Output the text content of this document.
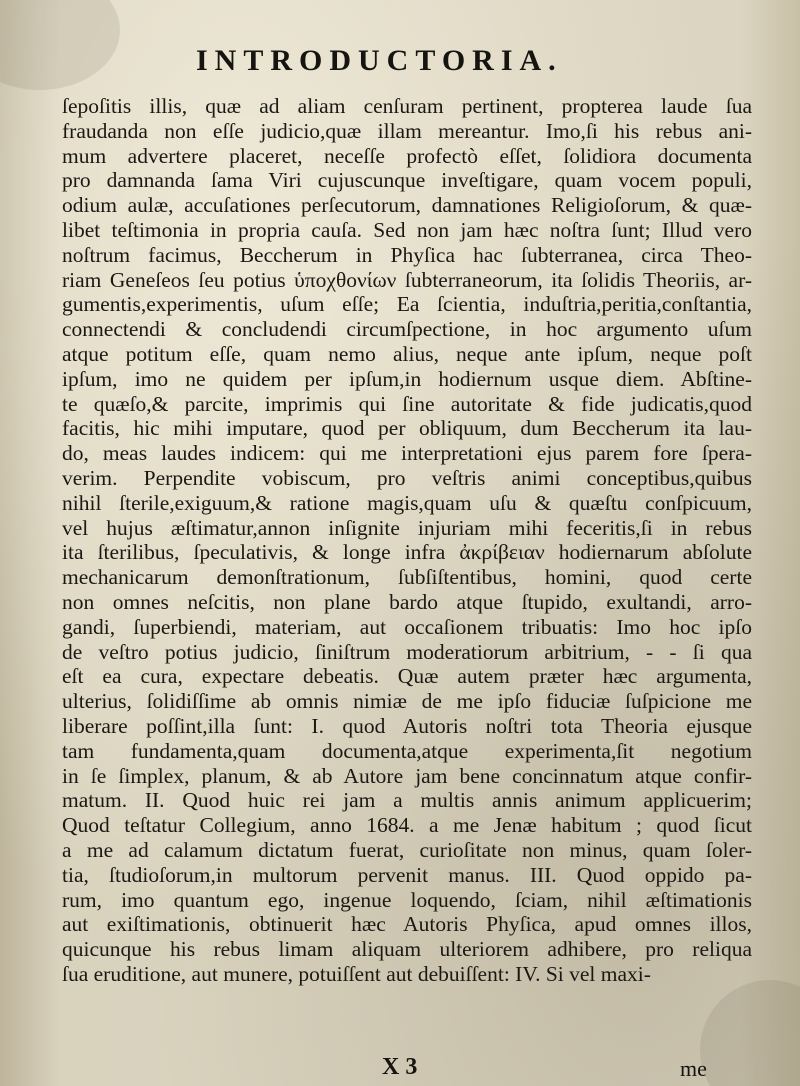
INTRODUCTORIA.
ſepoſitis illis, quæ ad aliam cenſuram pertinent, propterea laude ſua
fraudanda non eſſe judicio,quæ illam mereantur. Imo,ſi his rebus ani-
mum advertere placeret, neceſſe profectò eſſet, ſolidiora documenta
pro damnanda ſama Viri cujuscunque inveſtigare, quam vocem populi,
odium aulæ, accuſationes perſecutorum, damnationes Religioſorum, & quæ-
libet teſtimonia in propria cauſa. Sed non jam hæc noſtra ſunt; Illud vero
noſtrum facimus, Beccherum in Phyſica hac ſubterranea, circa Theo-
riam Geneſeos ſeu potius ὑποχθονίων ſubterraneorum, ita ſolidis Theoriis, ar-
gumentis,experimentis, uſum eſſe; Ea ſcientia, induſtria,peritia,conſtantia,
connectendi & concludendi circumſpectione, in hoc argumento uſum
atque potitum eſſe, quam nemo alius, neque ante ipſum, neque poſt
ipſum, imo ne quidem per ipſum,in hodiernum usque diem. Abſtine-
te quæſo,& parcite, imprimis qui ſine autoritate & fide judicatis,quod
facitis, hic mihi imputare, quod per obliquum, dum Beccherum ita lau-
do, meas laudes indicem: qui me interpretationi ejus parem fore ſpera-
verim. Perpendite vobiscum, pro veſtris animi conceptibus,quibus
nihil ſterile,exiguum,& ratione magis,quam uſu & quæſtu conſpicuum,
vel hujus æſtimatur,annon inſignite injuriam mihi feceritis,ſi in rebus
ita ſterilibus, ſpeculativis, & longe infra ἀκρίβειαν hodiernarum abſolute
mechanicarum demonſtrationum, ſubſiſtentibus, homini, quod certe
non omnes neſcitis, non plane bardo atque ſtupido, exultandi, arro-
gandi, ſuperbiendi, materiam, aut occaſionem tribuatis: Imo hoc ipſo
de veſtro potius judicio, ſiniſtrum moderatiorum arbitrium, - - ſi qua
eſt ea cura, expectare debeatis. Quæ autem præter hæc argumenta,
ulterius, ſolidiſſime ab omnis nimiæ de me ipſo fiduciæ ſuſpicione me
liberare poſſint,illa ſunt: I. quod Autoris noſtri tota Theoria ejusque
tam fundamenta,quam documenta,atque experimenta,ſit negotium
in ſe ſimplex, planum, & ab Autore jam bene concinnatum atque confir-
matum. II. Quod huic rei jam a multis annis animum applicuerim;
Quod teſtatur Collegium, anno 1684. a me Jenæ habitum ; quod ſicut
a me ad calamum dictatum fuerat, curioſitate non minus, quam ſoler-
tia, ſtudioſorum,in multorum pervenit manus. III. Quod oppido pa-
rum, imo quantum ego, ingenue loquendo, ſciam, nihil æſtimationis
aut exiſtimationis, obtinuerit hæc Autoris Phyſica, apud omnes illos,
quicunque his rebus limam aliquam ulteriorem adhibere, pro reliqua
ſua eruditione, aut munere, potuiſſent aut debuiſſent: IV. Si vel maxi-
X 3	me
